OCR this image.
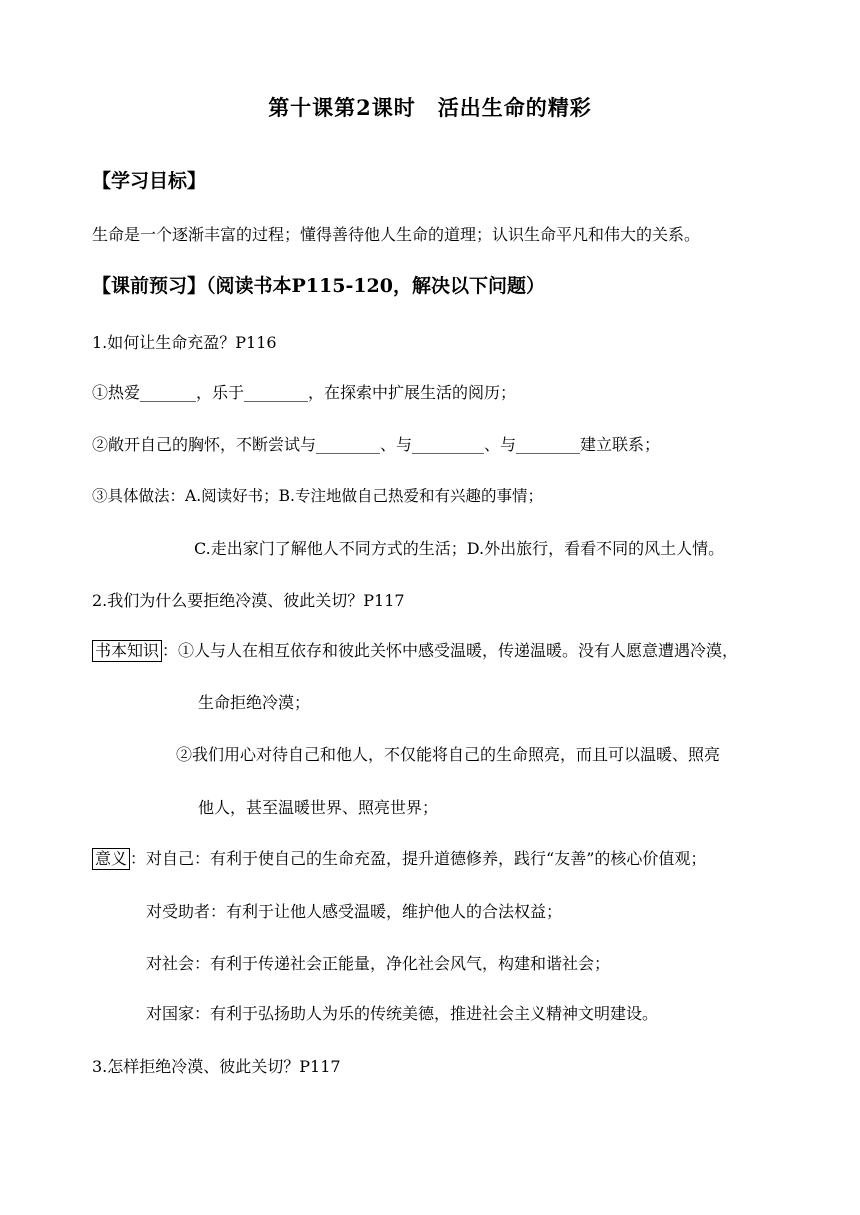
第十课第2课时　活出生命的精彩
【学习目标】
生命是一个逐渐丰富的过程；懂得善待他人生命的道理；认识生命平凡和伟大的关系。
【课前预习】（阅读书本P115-120，解决以下问题）
1.如何让生命充盈？P116
①热爱_______，乐于________，在探索中扩展生活的阅历；
②敞开自己的胸怀，不断尝试与________、与_________、与________建立联系；
③具体做法：A.阅读好书；B.专注地做自己热爱和有兴趣的事情；
C.走出家门了解他人不同方式的生活；D.外出旅行，看看不同的风土人情。
2.我们为什么要拒绝冷漠、彼此关切？P117
书本知识 ：①人与人在相互依存和彼此关怀中感受温暖，传递温暖。没有人愿意遭遇冷漠，
生命拒绝冷漠；
②我们用心对待自己和他人，不仅能将自己的生命照亮，而且可以温暖、照亮
他人，甚至温暖世界、照亮世界；
意义 ：对自己：有利于使自己的生命充盈，提升道德修养，践行“友善”的核心价值观；
对受助者：有利于让他人感受温暖，维护他人的合法权益；
对社会：有利于传递社会正能量，净化社会风气，构建和谐社会；
对国家：有利于弘扬助人为乐的传统美德，推进社会主义精神文明建设。
3.怎样拒绝冷漠、彼此关切？P117
